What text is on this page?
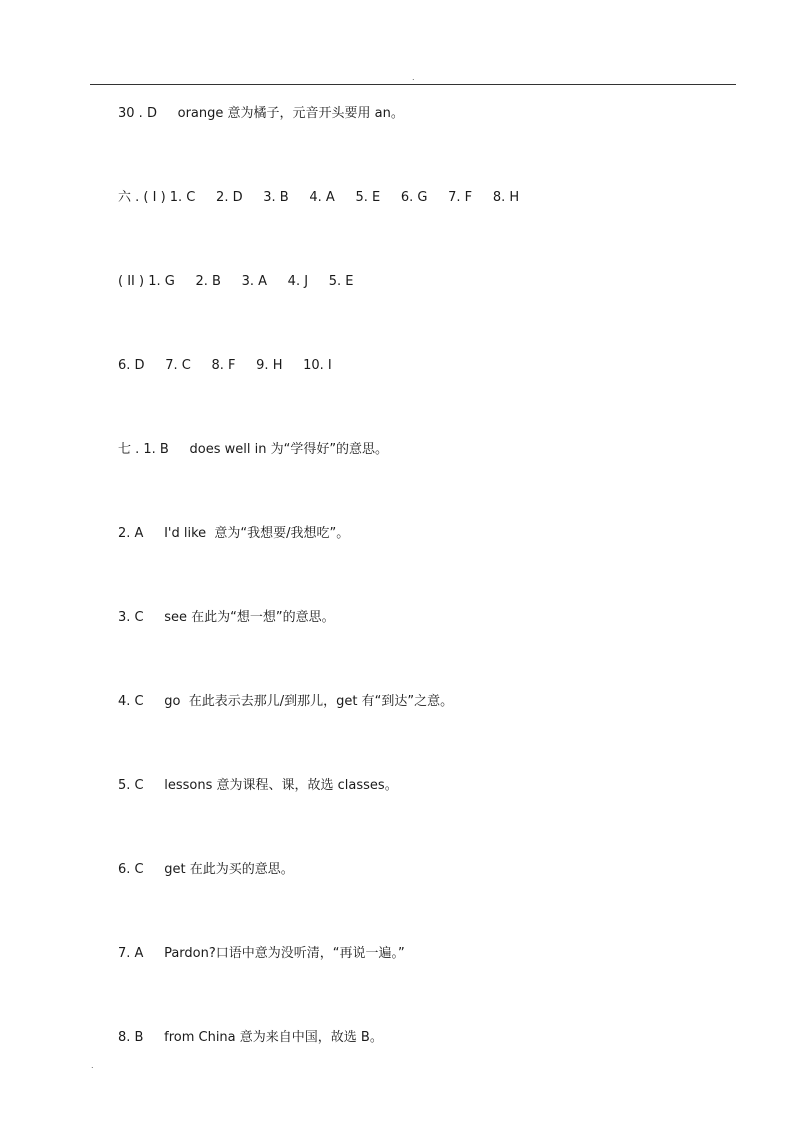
.
30 . D     orange 意为橘子，元音开头要用 an。
六 . ( I ) 1. C     2. D     3. B     4. A     5. E     6. G     7. F     8. H
( II ) 1. G     2. B     3. A     4. J     5. E
6. D     7. C     8. F     9. H     10. I
七 . 1. B     does well in 为“学得好”的意思。
2. A     I'd like  意为“我想要/我想吃”。
3. C     see 在此为“想一想”的意思。
4. C     go  在此表示去那儿/到那儿，get 有“到达”之意。
5. C     lessons 意为课程、课，故选 classes。
6. C     get 在此为买的意思。
7. A     Pardon?口语中意为没听清，“再说一遍。”
8. B     from China 意为来自中国，故选 B。
.
